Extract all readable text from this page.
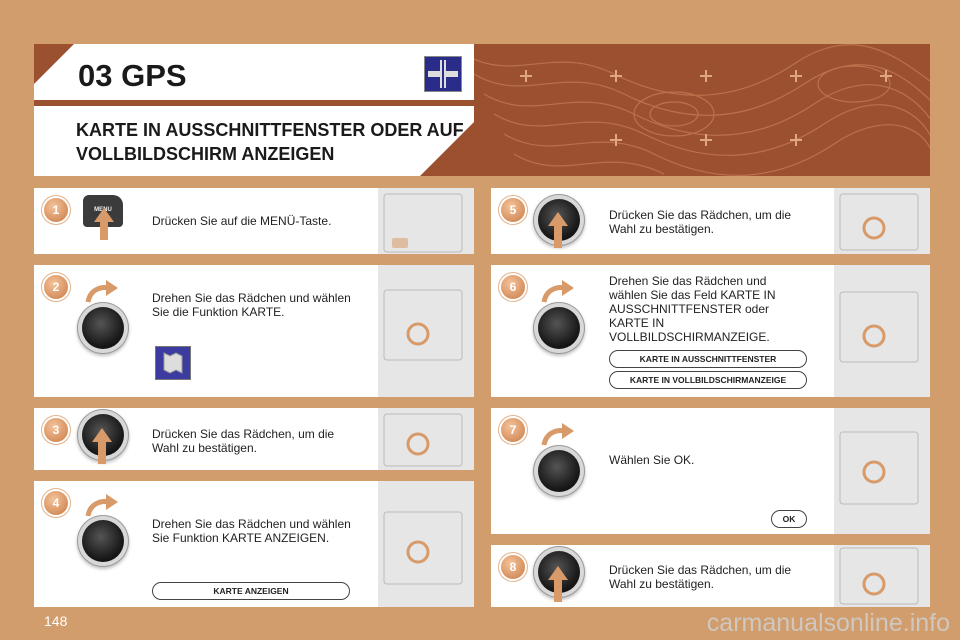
03 GPS
KARTE IN AUSSCHNITTFENSTER ODER AUF VOLLBILDSCHIRM ANZEIGEN
1
Drücken Sie auf die MENÜ-Taste.
MENU
2
Drehen Sie das Rädchen und wählen Sie die Funktion KARTE.
3	Drücken Sie das Rädchen, um die Wahl zu bestätigen.
4
Drehen Sie das Rädchen und wählen Sie Funktion KARTE ANZEIGEN.
KARTE ANZEIGEN
5	Drücken Sie das Rädchen, um die Wahl zu bestätigen.
6	Drehen Sie das Rädchen und wählen Sie das Feld KARTE IN AUSSCHNITTFENSTER oder KARTE IN VOLLBILDSCHIRMANZEIGE.
KARTE IN AUSSCHNITTFENSTER
KARTE IN VOLLBILDSCHIRMANZEIGE
7
Wählen Sie OK.
OK
8	Drücken Sie das Rädchen, um die Wahl zu bestätigen.
148	carmanualsonline.info
